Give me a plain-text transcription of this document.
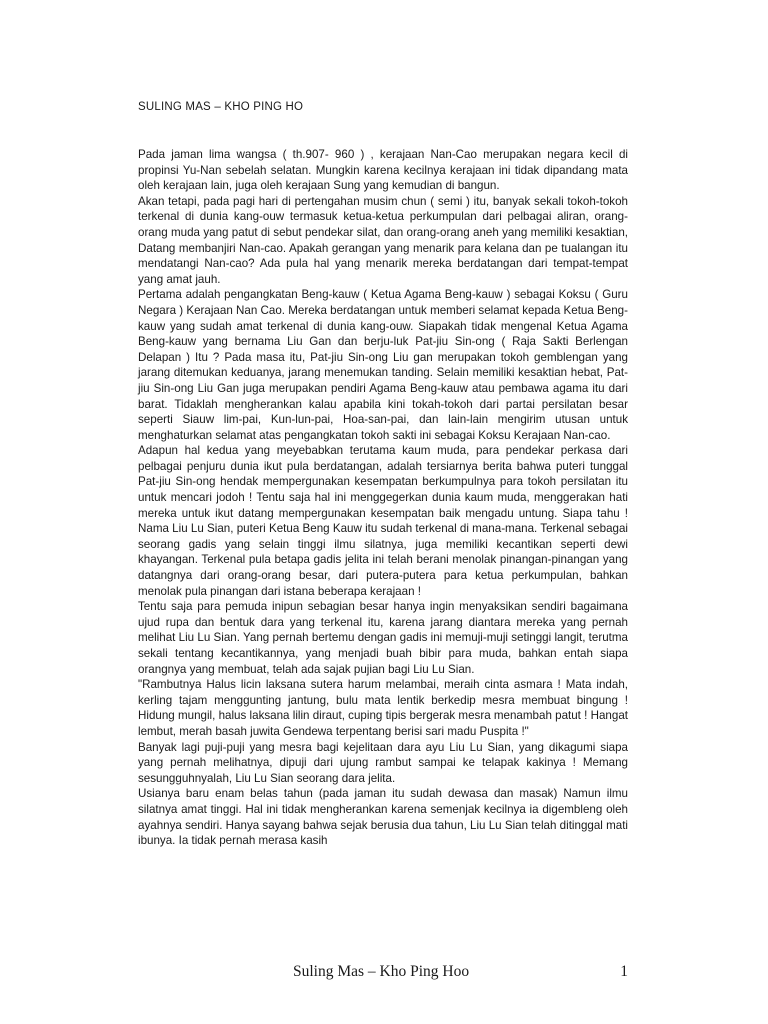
SULING MAS – KHO PING HO

Pada jaman lima wangsa ( th.907- 960 ) , kerajaan Nan-Cao merupakan negara kecil di propinsi Yu-Nan sebelah selatan. Mungkin karena kecilnya kerajaan ini tidak dipandang mata oleh kerajaan lain, juga oleh kerajaan Sung yang kemudian di bangun.

Akan tetapi, pada pagi hari di pertengahan musim chun ( semi ) itu, banyak sekali tokoh-tokoh terkenal di dunia kang-ouw termasuk ketua-ketua perkumpulan dari pelbagai aliran, orang-orang muda yang patut di sebut pendekar silat, dan orang-orang aneh yang memiliki kesaktian, Datang membanjiri Nan-cao. Apakah gerangan yang menarik para kelana dan pe tualangan itu mendatangi Nan-cao? Ada pula hal yang menarik mereka berdatangan dari tempat-tempat yang amat jauh.

Pertama adalah pengangkatan Beng-kauw ( Ketua Agama Beng-kauw ) sebagai Koksu ( Guru Negara ) Kerajaan Nan Cao. Mereka berdatangan untuk memberi selamat kepada Ketua Beng-kauw yang sudah amat terkenal di dunia kang-ouw. Siapakah tidak mengenal Ketua Agama Beng-kauw yang bernama Liu Gan dan berju-luk Pat-jiu Sin-ong ( Raja Sakti Berlengan Delapan ) Itu ? Pada masa itu, Pat-jiu Sin-ong Liu gan merupakan tokoh gemblengan yang jarang ditemukan keduanya, jarang menemukan tanding. Selain memiliki kesaktian hebat, Pat-jiu Sin-ong Liu Gan juga merupakan pendiri Agama Beng-kauw atau pembawa agama itu dari barat. Tidaklah mengherankan kalau apabila kini tokah-tokoh dari partai persilatan besar seperti Siauw lim-pai, Kun-lun-pai, Hoa-san-pai, dan lain-lain mengirim utusan untuk menghaturkan selamat atas pengangkatan tokoh sakti ini sebagai Koksu Kerajaan Nan-cao.

Adapun hal kedua yang meyebabkan terutama kaum muda, para pendekar perkasa dari pelbagai penjuru dunia ikut pula berdatangan, adalah tersiarnya berita bahwa puteri tunggal Pat-jiu Sin-ong hendak mempergunakan kesempatan berkumpulnya para tokoh persilatan itu untuk mencari jodoh ! Tentu saja hal ini menggegerkan dunia kaum muda, menggerakan hati mereka untuk ikut datang mempergunakan kesempatan baik mengadu untung. Siapa tahu ! Nama Liu Lu Sian, puteri Ketua Beng Kauw itu sudah terkenal di mana-mana. Terkenal sebagai seorang gadis yang selain tinggi ilmu silatnya, juga memiliki kecantikan seperti dewi khayangan. Terkenal pula betapa gadis jelita ini telah berani menolak pinangan-pinangan yang datangnya dari orang-orang besar, dari putera-putera para ketua perkumpulan, bahkan menolak pula pinangan dari istana beberapa kerajaan !

Tentu saja para pemuda inipun sebagian besar hanya ingin menyaksikan sendiri bagaimana ujud rupa dan bentuk dara yang terkenal itu, karena jarang diantara mereka yang pernah melihat Liu Lu Sian. Yang pernah bertemu dengan gadis ini memuji-muji setinggi langit, terutma sekali tentang kecantikannya, yang menjadi buah bibir para muda, bahkan entah siapa orangnya yang membuat, telah ada sajak pujian bagi Liu Lu Sian.

"Rambutnya Halus licin laksana sutera harum melambai, meraih cinta asmara ! Mata indah, kerling tajam menggunting jantung, bulu mata lentik berkedip mesra membuat bingung ! Hidung mungil, halus laksana lilin diraut, cuping tipis bergerak mesra menambah patut ! Hangat lembut, merah basah juwita Gendewa terpentang berisi sari madu Puspita !"

Banyak lagi puji-puji yang mesra bagi kejelitaan dara ayu Liu Lu Sian, yang dikagumi siapa yang pernah melihatnya, dipuji dari ujung rambut sampai ke telapak kakinya ! Memang sesungguhnyalah, Liu Lu Sian seorang dara jelita.

Usianya baru enam belas tahun (pada jaman itu sudah dewasa dan masak) Namun ilmu silatnya amat tinggi. Hal ini tidak mengherankan karena semenjak kecilnya ia digembleng oleh ayahnya sendiri. Hanya sayang bahwa sejak berusia dua tahun, Liu Lu Sian telah ditinggal mati ibunya. Ia tidak pernah merasa kasih

Suling Mas – Kho Ping Hoo	1
